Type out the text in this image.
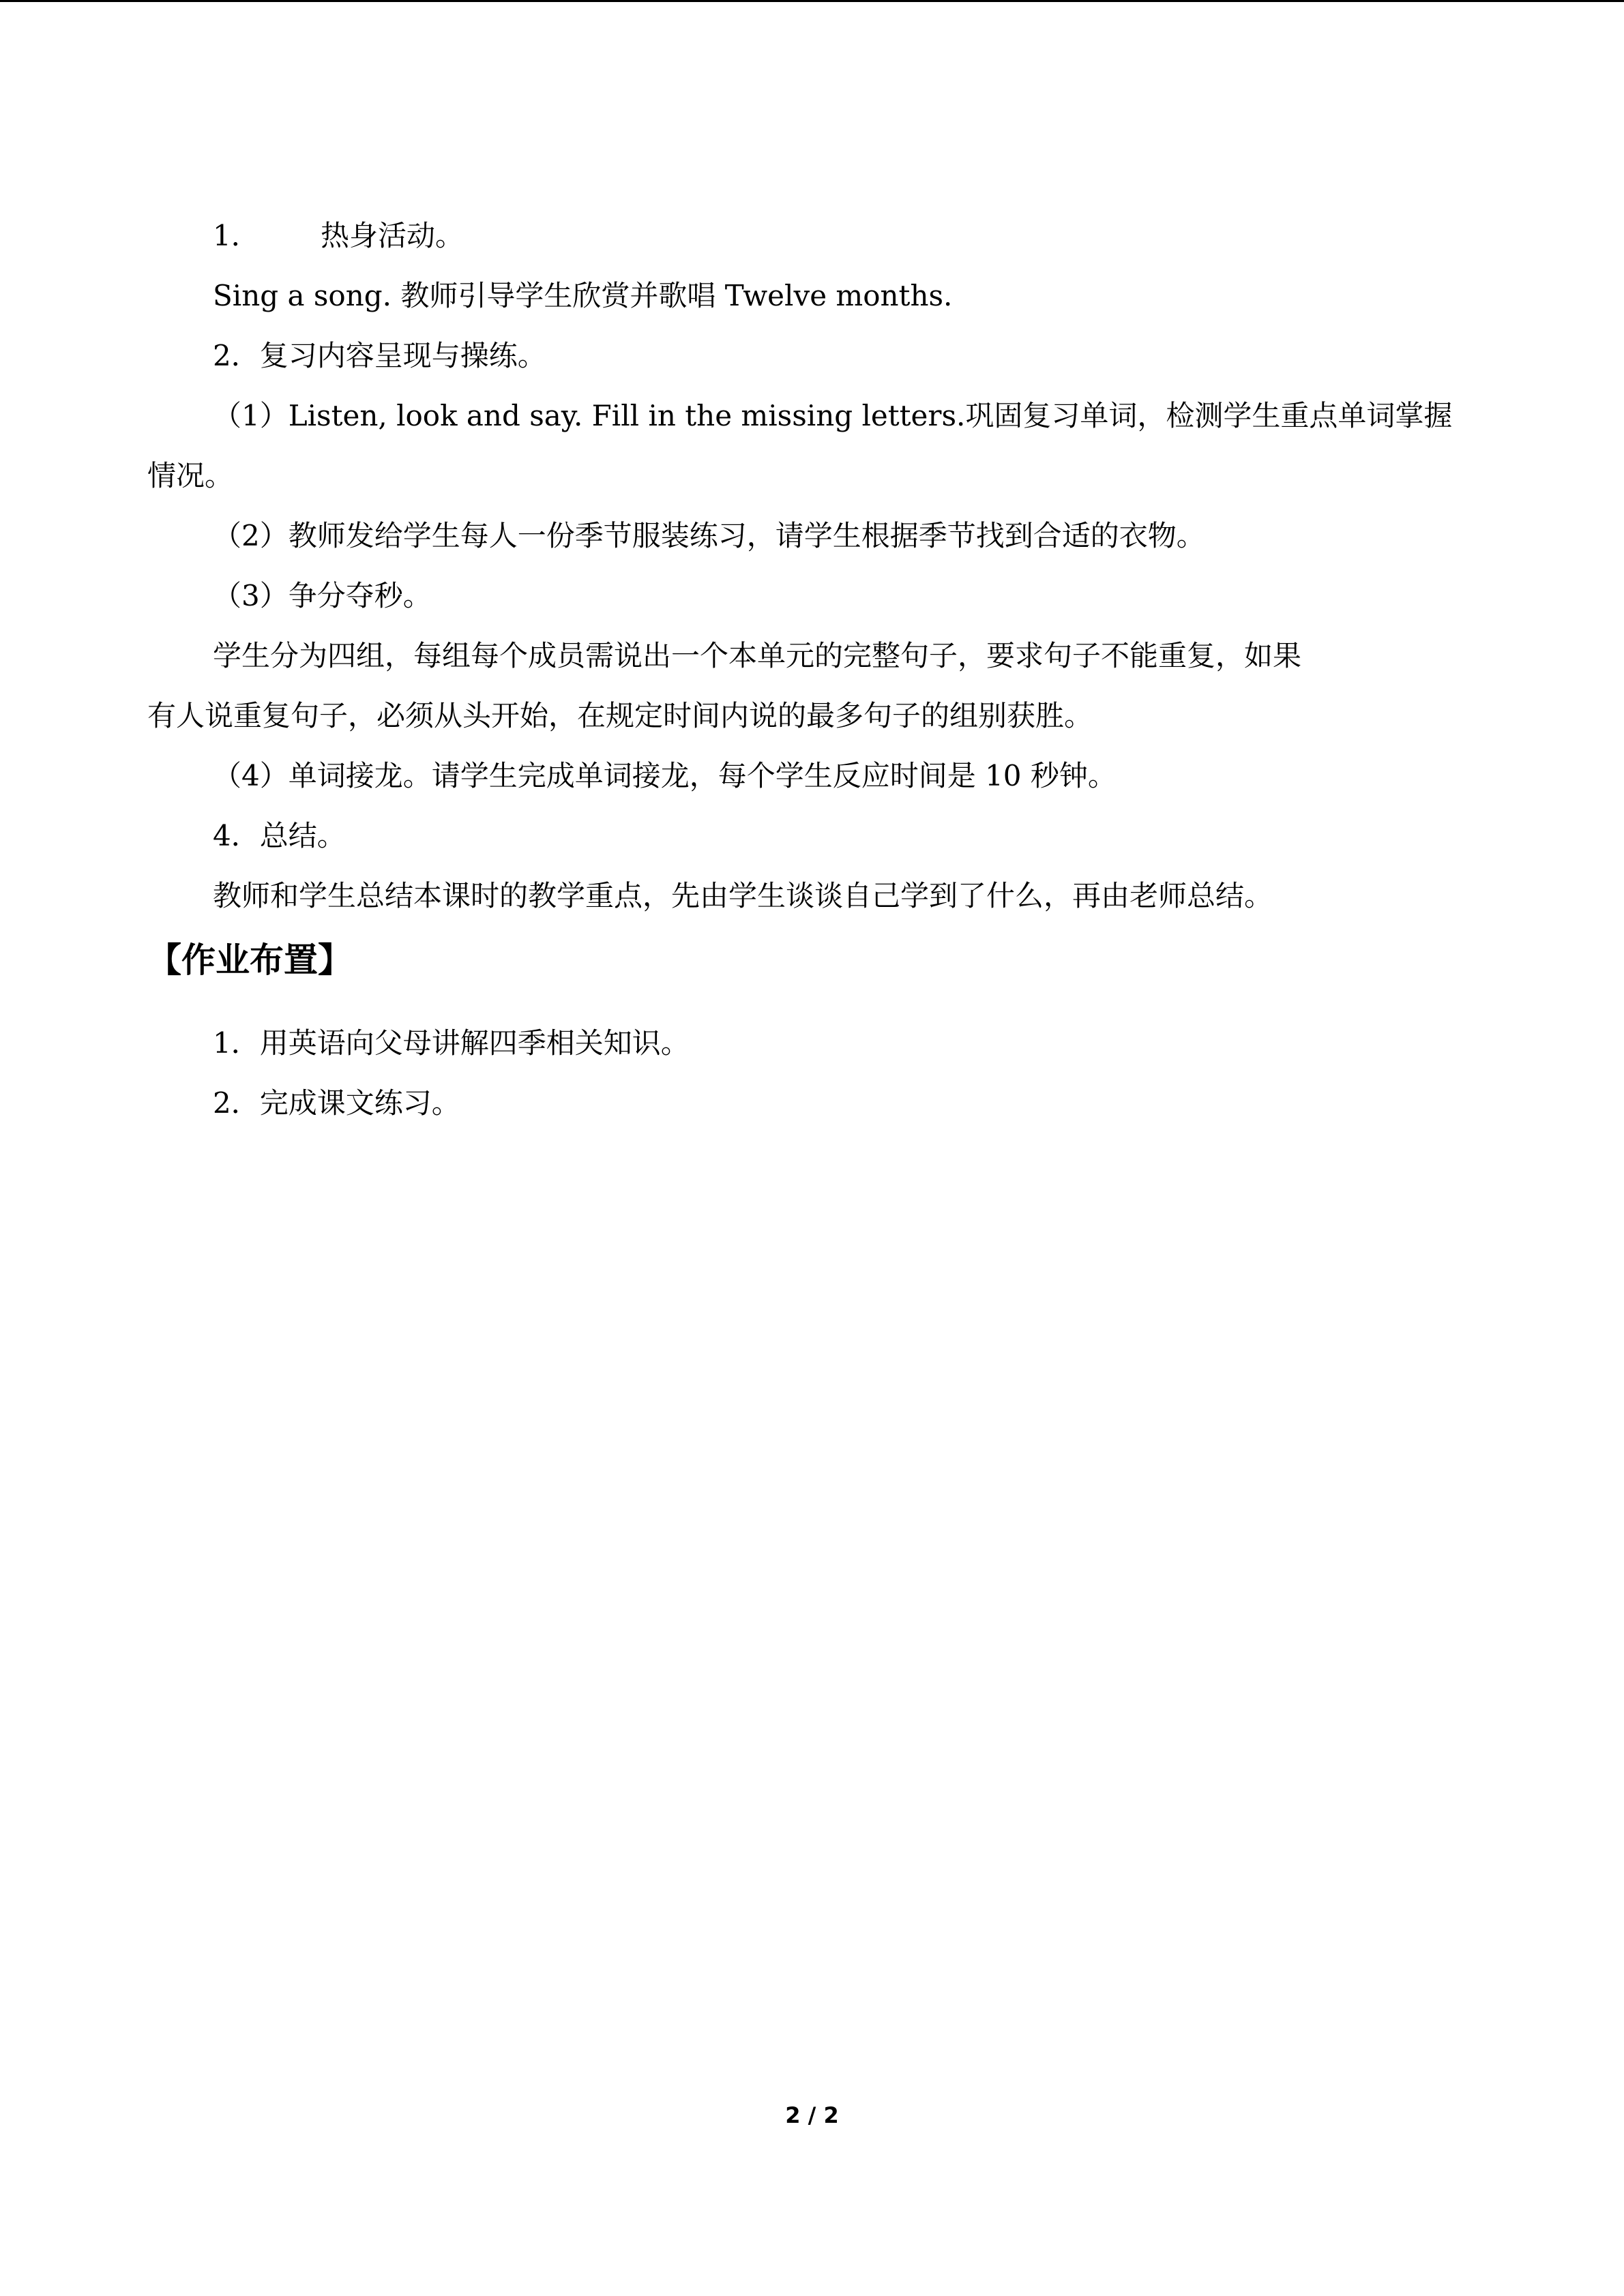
1． 热身活动。
Sing a song. 教师引导学生欣赏并歌唱 Twelve months.
2．复习内容呈现与操练。
（1）Listen, look and say. Fill in the missing letters.巩固复习单词，检测学生重点单词掌握
情况。
（2）教师发给学生每人一份季节服装练习，请学生根据季节找到合适的衣物。
（3）争分夺秒。
学生分为四组，每组每个成员需说出一个本单元的完整句子，要求句子不能重复，如果
有人说重复句子，必须从头开始，在规定时间内说的最多句子的组别获胜。
（4）单词接龙。请学生完成单词接龙，每个学生反应时间是 10 秒钟。
4．总结。
教师和学生总结本课时的教学重点，先由学生谈谈自己学到了什么，再由老师总结。
【作业布置】
1．用英语向父母讲解四季相关知识。
2．完成课文练习。
2 / 2
